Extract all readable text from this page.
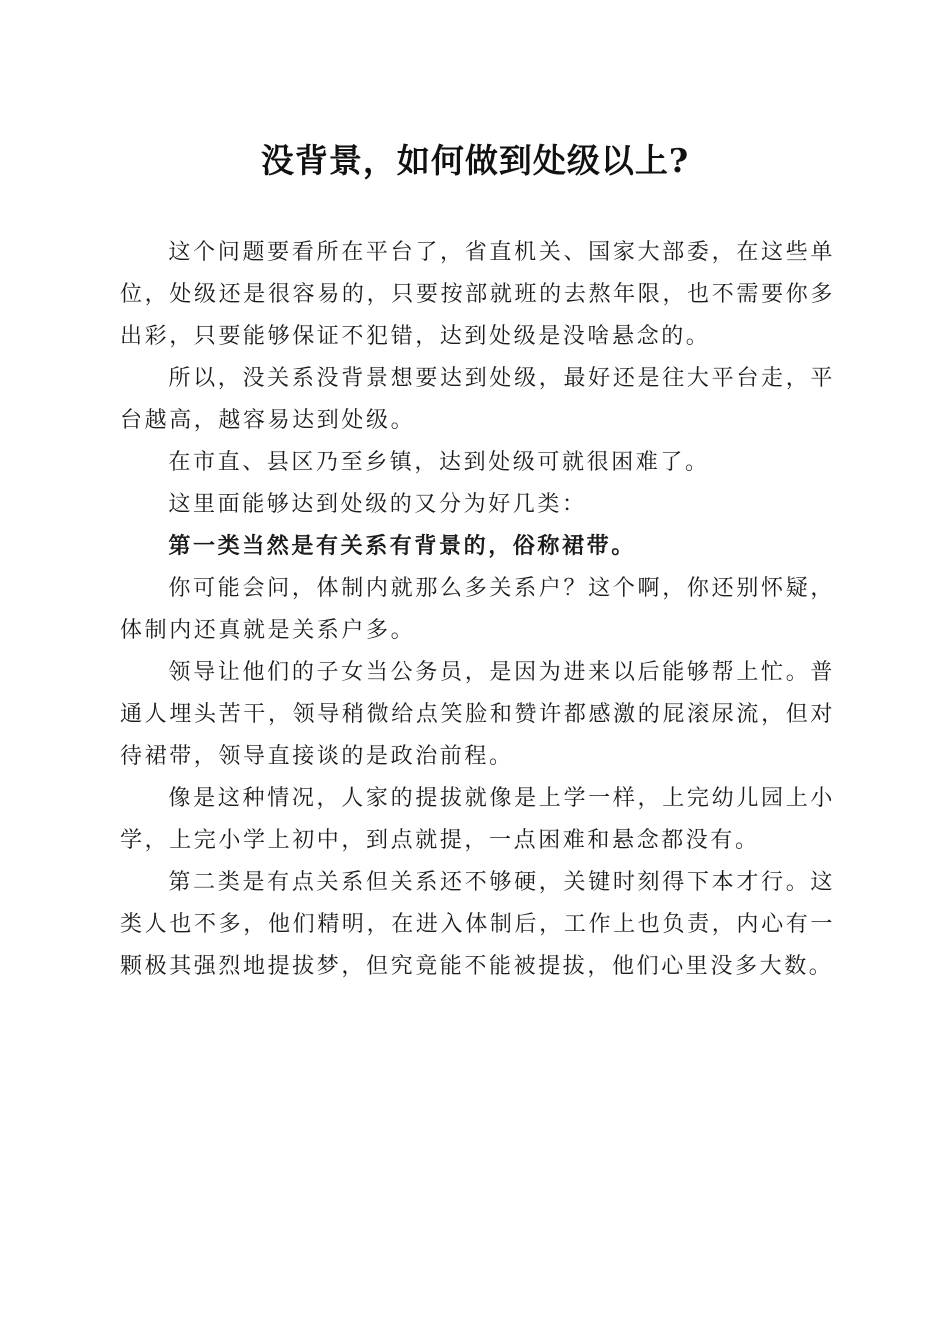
没背景，如何做到处级以上?

这个问题要看所在平台了，省直机关、国家大部委，在这些单位，处级还是很容易的，只要按部就班的去熬年限，也不需要你多出彩，只要能够保证不犯错，达到处级是没啥悬念的。

所以，没关系没背景想要达到处级，最好还是往大平台走，平台越高，越容易达到处级。

在市直、县区乃至乡镇，达到处级可就很困难了。

这里面能够达到处级的又分为好几类：

第一类当然是有关系有背景的，俗称裙带。

你可能会问，体制内就那么多关系户？这个啊，你还别怀疑，体制内还真就是关系户多。

领导让他们的子女当公务员，是因为进来以后能够帮上忙。普通人埋头苦干，领导稍微给点笑脸和赞许都感激的屁滚尿流，但对待裙带，领导直接谈的是政治前程。

像是这种情况，人家的提拔就像是上学一样，上完幼儿园上小学，上完小学上初中，到点就提，一点困难和悬念都没有。

第二类是有点关系但关系还不够硬，关键时刻得下本才行。这类人也不多，他们精明，在进入体制后，工作上也负责，内心有一颗极其强烈地提拔梦，但究竟能不能被提拔，他们心里没多大数。
